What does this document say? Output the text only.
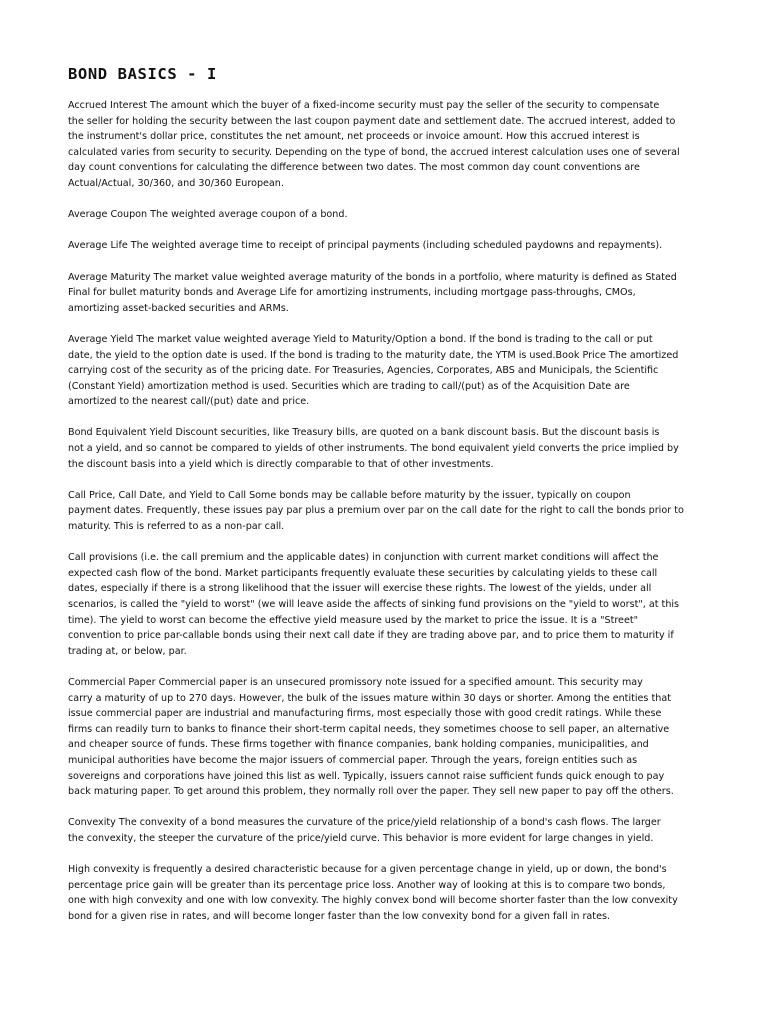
BOND BASICS - I
Accrued Interest The amount which the buyer of a fixed-income security must pay the seller of the security to compensate
the seller for holding the security between the last coupon payment date and settlement date. The accrued interest, added to
the instrument's dollar price, constitutes the net amount, net proceeds or invoice amount. How this accrued interest is
calculated varies from security to security. Depending on the type of bond, the accrued interest calculation uses one of several
day count conventions for calculating the difference between two dates. The most common day count conventions are
Actual/Actual, 30/360, and 30/360 European.
Average Coupon The weighted average coupon of a bond.
Average Life The weighted average time to receipt of principal payments (including scheduled paydowns and repayments).
Average Maturity The market value weighted average maturity of the bonds in a portfolio, where maturity is defined as Stated
Final for bullet maturity bonds and Average Life for amortizing instruments, including mortgage pass-throughs, CMOs,
amortizing asset-backed securities and ARMs.
Average Yield The market value weighted average Yield to Maturity/Option a bond. If the bond is trading to the call or put
date, the yield to the option date is used. If the bond is trading to the maturity date, the YTM is used.Book Price The amortized
carrying cost of the security as of the pricing date. For Treasuries, Agencies, Corporates, ABS and Municipals, the Scientific
(Constant Yield) amortization method is used. Securities which are trading to call/(put) as of the Acquisition Date are
amortized to the nearest call/(put) date and price.
Bond Equivalent Yield Discount securities, like Treasury bills, are quoted on a bank discount basis. But the discount basis is
not a yield, and so cannot be compared to yields of other instruments. The bond equivalent yield converts the price implied by
the discount basis into a yield which is directly comparable to that of other investments.
Call Price, Call Date, and Yield to Call Some bonds may be callable before maturity by the issuer, typically on coupon
payment dates. Frequently, these issues pay par plus a premium over par on the call date for the right to call the bonds prior to
maturity. This is referred to as a non-par call.
Call provisions (i.e. the call premium and the applicable dates) in conjunction with current market conditions will affect the
expected cash flow of the bond. Market participants frequently evaluate these securities by calculating yields to these call
dates, especially if there is a strong likelihood that the issuer will exercise these rights. The lowest of the yields, under all
scenarios, is called the "yield to worst" (we will leave aside the affects of sinking fund provisions on the "yield to worst", at this
time). The yield to worst can become the effective yield measure used by the market to price the issue. It is a "Street"
convention to price par-callable bonds using their next call date if they are trading above par, and to price them to maturity if
trading at, or below, par.
Commercial Paper Commercial paper is an unsecured promissory note issued for a specified amount. This security may
carry a maturity of up to 270 days. However, the bulk of the issues mature within 30 days or shorter. Among the entities that
issue commercial paper are industrial and manufacturing firms, most especially those with good credit ratings. While these
firms can readily turn to banks to finance their short-term capital needs, they sometimes choose to sell paper, an alternative
and cheaper source of funds. These firms together with finance companies, bank holding companies, municipalities, and
municipal authorities have become the major issuers of commercial paper. Through the years, foreign entities such as
sovereigns and corporations have joined this list as well. Typically, issuers cannot raise sufficient funds quick enough to pay
back maturing paper. To get around this problem, they normally roll over the paper. They sell new paper to pay off the others.
Convexity The convexity of a bond measures the curvature of the price/yield relationship of a bond's cash flows. The larger
the convexity, the steeper the curvature of the price/yield curve. This behavior is more evident for large changes in yield.
High convexity is frequently a desired characteristic because for a given percentage change in yield, up or down, the bond's
percentage price gain will be greater than its percentage price loss. Another way of looking at this is to compare two bonds,
one with high convexity and one with low convexity. The highly convex bond will become shorter faster than the low convexity
bond for a given rise in rates, and will become longer faster than the low convexity bond for a given fall in rates.
